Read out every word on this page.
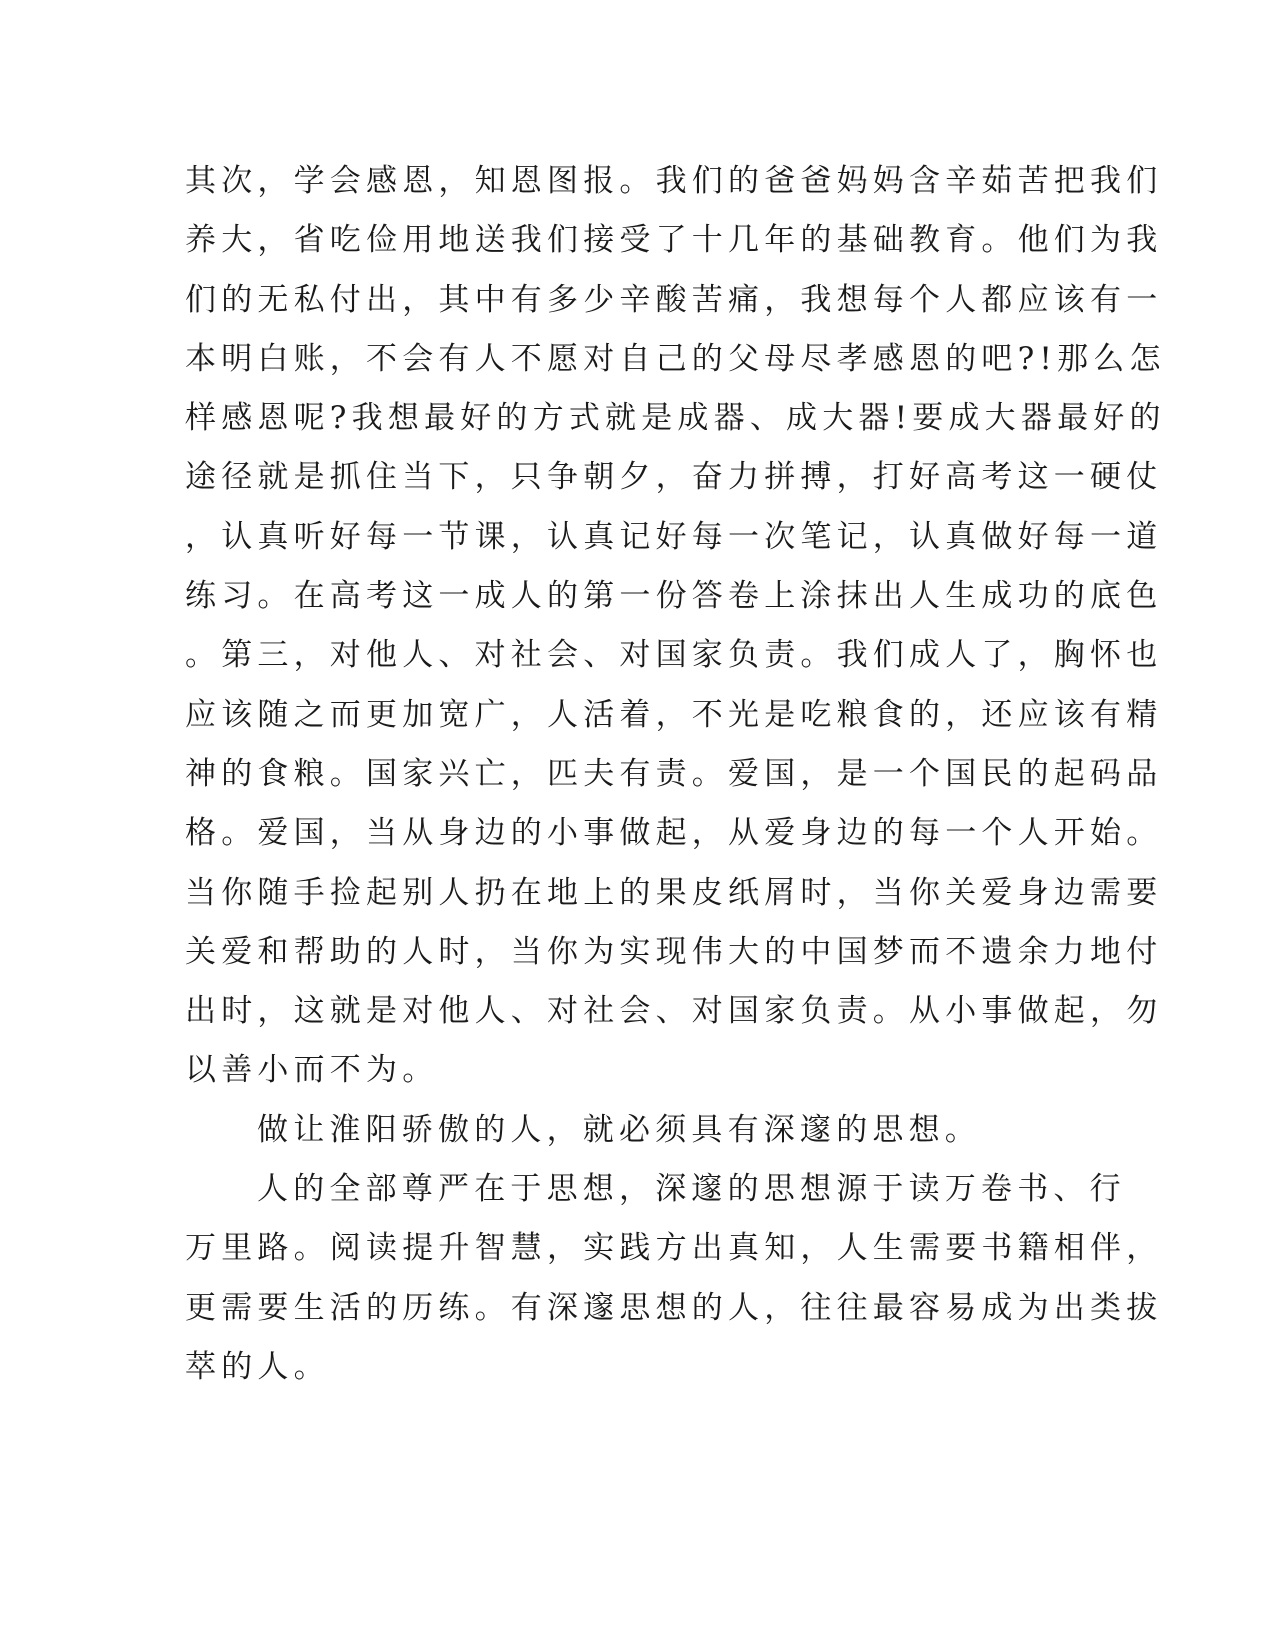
其次，学会感恩，知恩图报。我们的爸爸妈妈含辛茹苦把我们
养大，省吃俭用地送我们接受了十几年的基础教育。他们为我
们的无私付出，其中有多少辛酸苦痛，我想每个人都应该有一
本明白账，不会有人不愿对自己的父母尽孝感恩的吧?!那么怎
样感恩呢?我想最好的方式就是成器、成大器!要成大器最好的
途径就是抓住当下，只争朝夕，奋力拼搏，打好高考这一硬仗
，认真听好每一节课，认真记好每一次笔记，认真做好每一道
练习。在高考这一成人的第一份答卷上涂抹出人生成功的底色
。第三，对他人、对社会、对国家负责。我们成人了，胸怀也
应该随之而更加宽广，人活着，不光是吃粮食的，还应该有精
神的食粮。国家兴亡，匹夫有责。爱国，是一个国民的起码品
格。爱国，当从身边的小事做起，从爱身边的每一个人开始。
当你随手捡起别人扔在地上的果皮纸屑时，当你关爱身边需要
关爱和帮助的人时，当你为实现伟大的中国梦而不遗余力地付
出时，这就是对他人、对社会、对国家负责。从小事做起，勿
以善小而不为。
做让淮阳骄傲的人，就必须具有深邃的思想。
人的全部尊严在于思想，深邃的思想源于读万卷书、行
万里路。阅读提升智慧，实践方出真知，人生需要书籍相伴，
更需要生活的历练。有深邃思想的人，往往最容易成为出类拔
萃的人。
